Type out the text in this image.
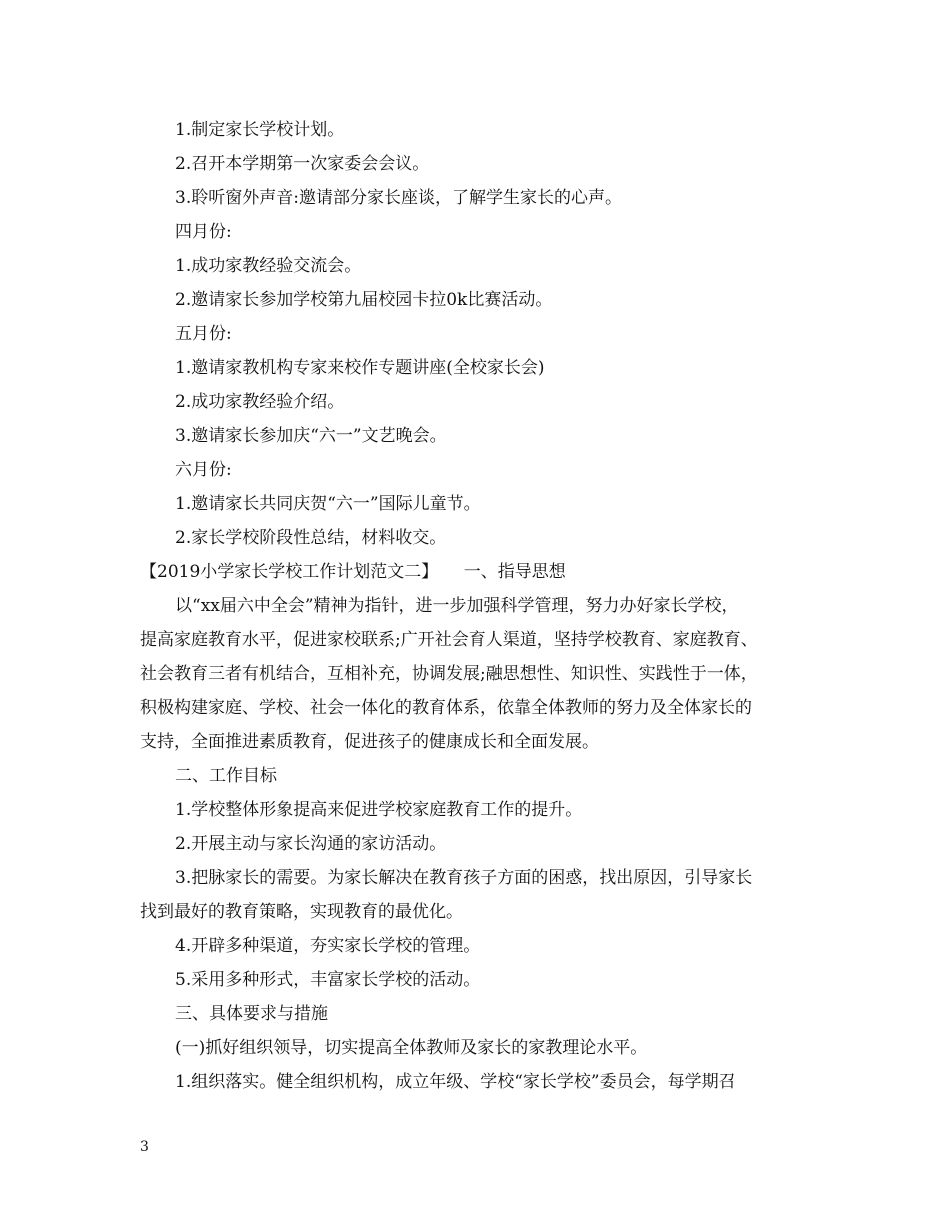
1.制定家长学校计划。
2.召开本学期第一次家委会会议。
3.聆听窗外声音:邀请部分家长座谈，了解学生家长的心声。
四月份:
1.成功家教经验交流会。
2.邀请家长参加学校第九届校园卡拉0k比赛活动。
五月份:
1.邀请家教机构专家来校作专题讲座(全校家长会)
2.成功家教经验介绍。
3.邀请家长参加庆“六一”文艺晚会。
六月份:
1.邀请家长共同庆贺“六一”国际儿童节。
2.家长学校阶段性总结，材料收交。
【2019小学家长学校工作计划范文二】　　一、指导思想
以“xx届六中全会”精神为指针，进一步加强科学管理，努力办好家长学校，
提高家庭教育水平，促进家校联系;广开社会育人渠道，坚持学校教育、家庭教育、
社会教育三者有机结合，互相补充，协调发展;融思想性、知识性、实践性于一体，
积极构建家庭、学校、社会一体化的教育体系，依靠全体教师的努力及全体家长的
支持，全面推进素质教育，促进孩子的健康成长和全面发展。
二、工作目标
1.学校整体形象提高来促进学校家庭教育工作的提升。
2.开展主动与家长沟通的家访活动。
3.把脉家长的需要。为家长解决在教育孩子方面的困惑，找出原因，引导家长
找到最好的教育策略，实现教育的最优化。
4.开辟多种渠道，夯实家长学校的管理。
5.采用多种形式，丰富家长学校的活动。
三、具体要求与措施
(一)抓好组织领导，切实提高全体教师及家长的家教理论水平。
1.组织落实。健全组织机构，成立年级、学校“家长学校”委员会，每学期召
3
